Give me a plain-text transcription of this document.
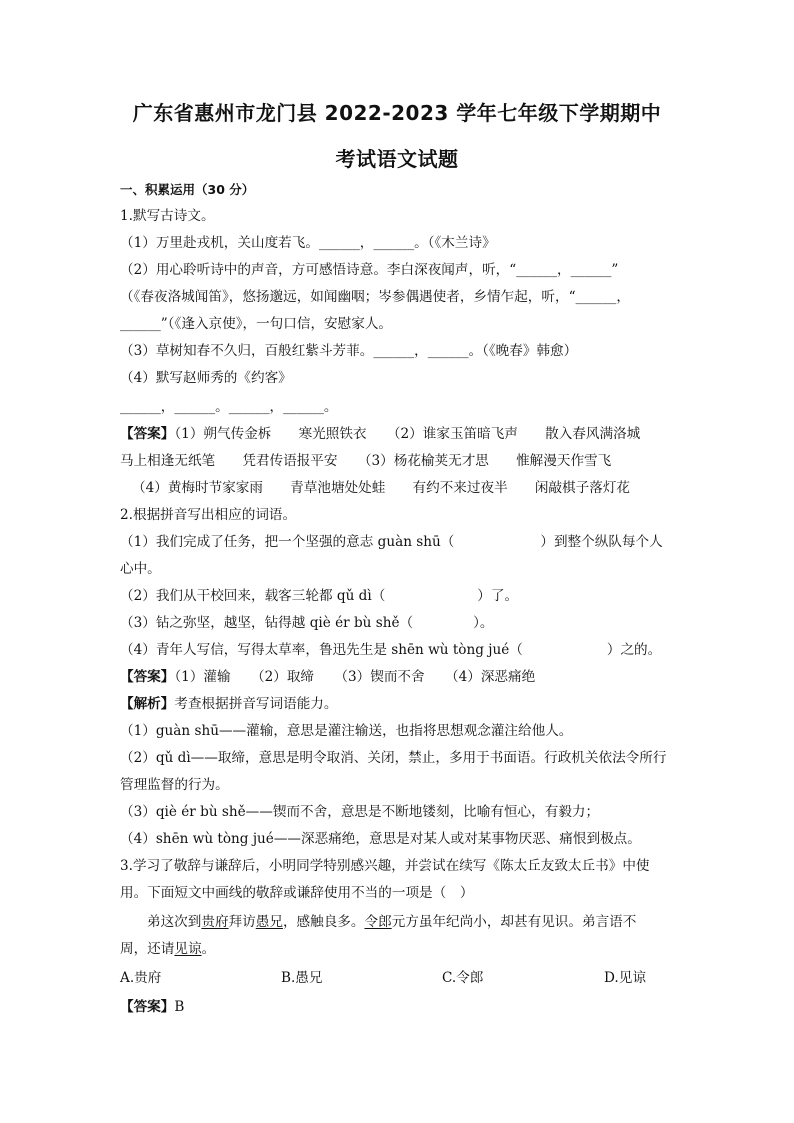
广东省惠州市龙门县 2022-2023 学年七年级下学期期中
考试语文试题
一、积累运用（30 分）
1.默写古诗文。
（1）万里赴戎机，关山度若飞。______，______。（《木兰诗》
（2）用心聆听诗中的声音，方可感悟诗意。李白深夜闻声，听，“______，______”
（《春夜洛城闻笛》，悠扬邈远，如闻幽咽；岑参偶遇使者，乡情乍起，听，“______，
______”（《逢入京使》，一句口信，安慰家人。
（3）草树知春不久归，百般红紫斗芳菲。______，______。（《晚春》韩愈）
（4）默写赵师秀的《约客》
______，______。______，______。
【答案】（1）朔气传金柝　　寒光照铁衣　　（2）谁家玉笛暗飞声　　散入春风满洛城
马上相逢无纸笔　　凭君传语报平安　　（3）杨花榆荚无才思　　惟解漫天作雪飞
（4）黄梅时节家家雨　　青草池塘处处蛙　　有约不来过夜半　　闲敲棋子落灯花
2.根据拼音写出相应的词语。
（1）我们完成了任务，把一个坚强的意志 guàn shū（	）到整个纵队每个人
心中。
（2）我们从干校回来，载客三轮都 qǔ dì（	）了。
（3）钻之弥坚，越坚，钻得越 qiè ér bù shě（	）。
（4）青年人写信，写得太草率，鲁迅先生是 shēn wù tòng jué（	）之的。
【答案】（1）灌输　　（2）取缔　　（3）锲而不舍　　（4）深恶痛绝
【解析】考查根据拼音写词语能力。
（1）guàn shū——灌输，意思是灌注输送，也指将思想观念灌注给他人。
（2）qǔ dì——取缔，意思是明令取消、关闭，禁止，多用于书面语。行政机关依法令所行
管理监督的行为。
（3）qiè ér bù shě——锲而不舍，意思是不断地镂刻，比喻有恒心，有毅力；
（4）shēn wù tòng jué——深恶痛绝，意思是对某人或对某事物厌恶、痛恨到极点。
3.学习了敬辞与谦辞后，小明同学特别感兴趣，并尝试在续写《陈太丘友致太丘书》中使
用。下面短文中画线的敬辞或谦辞使用不当的一项是（　）
弟这次到贵府拜访愚兄，感触良多。令郎元方虽年纪尚小，却甚有见识。弟言语不
周，还请见谅。
A.贵府	B.愚兄	C.令郎	D.见谅
【答案】B
